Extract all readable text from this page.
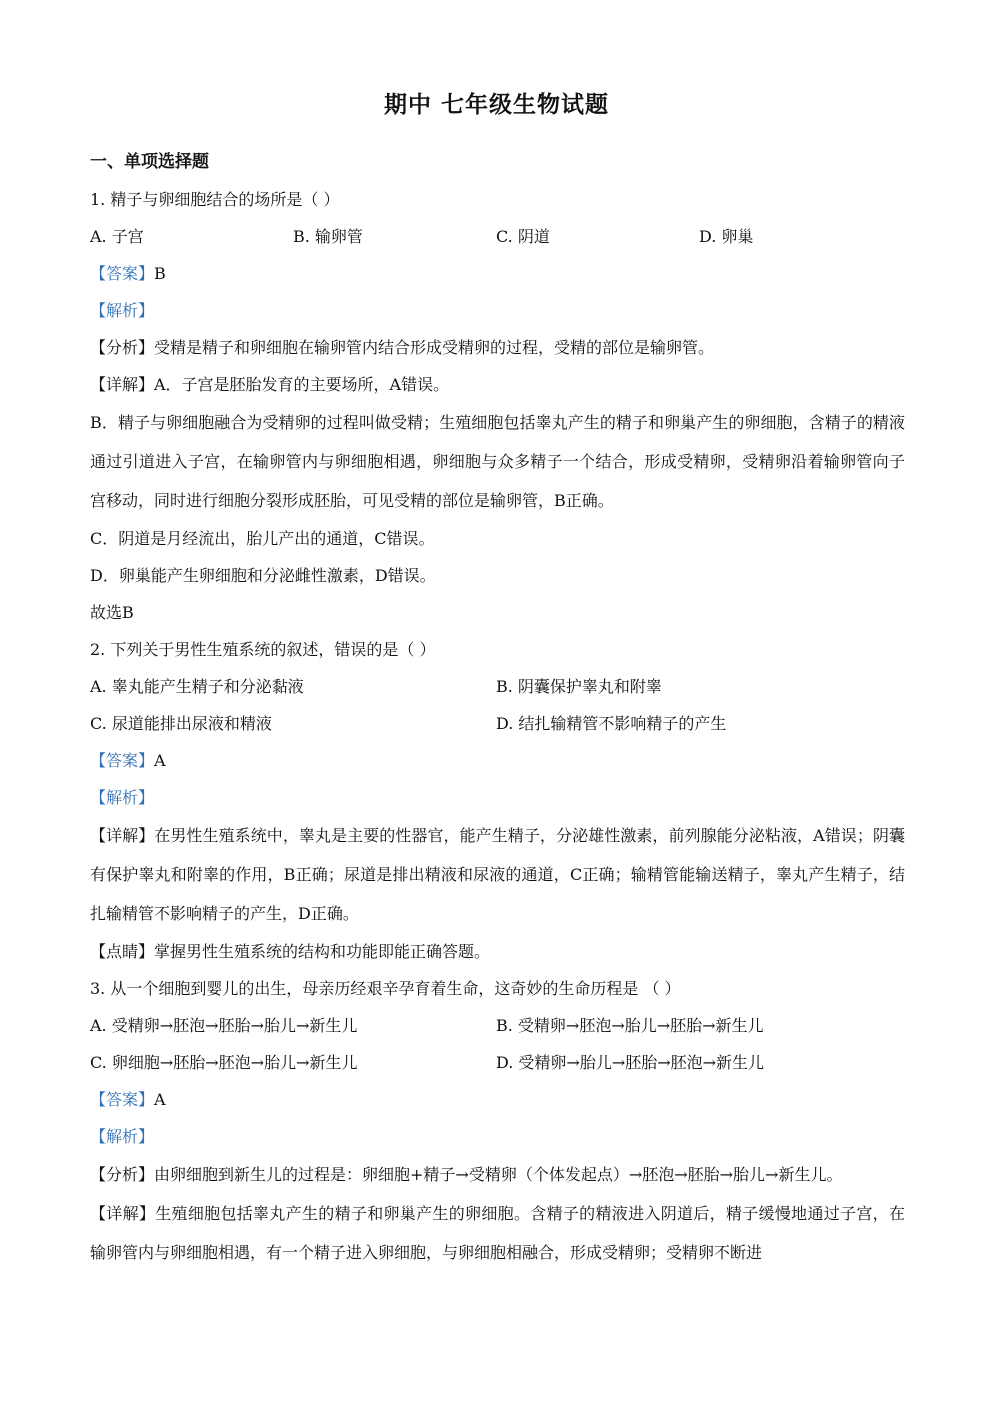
期中 七年级生物试题
一、单项选择题

1. 精子与卵细胞结合的场所是（ ）

A. 子宫	B. 输卵管	C. 阴道	D. 卵巢

【答案】B

【解析】

【分析】受精是精子和卵细胞在输卵管内结合形成受精卵的过程，受精的部位是输卵管。

【详解】A．子宫是胚胎发育的主要场所，A错误。

B．精子与卵细胞融合为受精卵的过程叫做受精；生殖细胞包括睾丸产生的精子和卵巢产生的卵细胞，含精子的精液通过引道进入子宫，在输卵管内与卵细胞相遇，卵细胞与众多精子一个结合，形成受精卵，受精卵沿着输卵管向子宫移动，同时进行细胞分裂形成胚胎，可见受精的部位是输卵管，B正确。

C．阴道是月经流出，胎儿产出的通道，C错误。

D．卵巢能产生卵细胞和分泌雌性激素，D错误。

故选B

2. 下列关于男性生殖系统的叙述，错误的是（ ）

A. 睾丸能产生精子和分泌黏液	B. 阴囊保护睾丸和附睾
C. 尿道能排出尿液和精液	D. 结扎输精管不影响精子的产生

【答案】A

【解析】

【详解】在男性生殖系统中，睾丸是主要的性器官，能产生精子，分泌雄性激素，前列腺能分泌粘液，A错误；阴囊有保护睾丸和附睾的作用，B正确；尿道是排出精液和尿液的通道，C正确；输精管能输送精子，睾丸产生精子，结扎输精管不影响精子的产生，D正确。

【点睛】掌握男性生殖系统的结构和功能即能正确答题。

3. 从一个细胞到婴儿的出生，母亲历经艰辛孕育着生命，这奇妙的生命历程是 （ ）

A. 受精卵→胚泡→胚胎→胎儿→新生儿	B. 受精卵→胚泡→胎儿→胚胎→新生儿
C. 卵细胞→胚胎→胚泡→胎儿→新生儿	D. 受精卵→胎儿→胚胎→胚泡→新生儿

【答案】A

【解析】

【分析】由卵细胞到新生儿的过程是：卵细胞+精子→受精卵（个体发起点）→胚泡→胚胎→胎儿→新生儿。

【详解】生殖细胞包括睾丸产生的精子和卵巢产生的卵细胞。含精子的精液进入阴道后，精子缓慢地通过子宫，在输卵管内与卵细胞相遇，有一个精子进入卵细胞，与卵细胞相融合，形成受精卵；受精卵不断进
